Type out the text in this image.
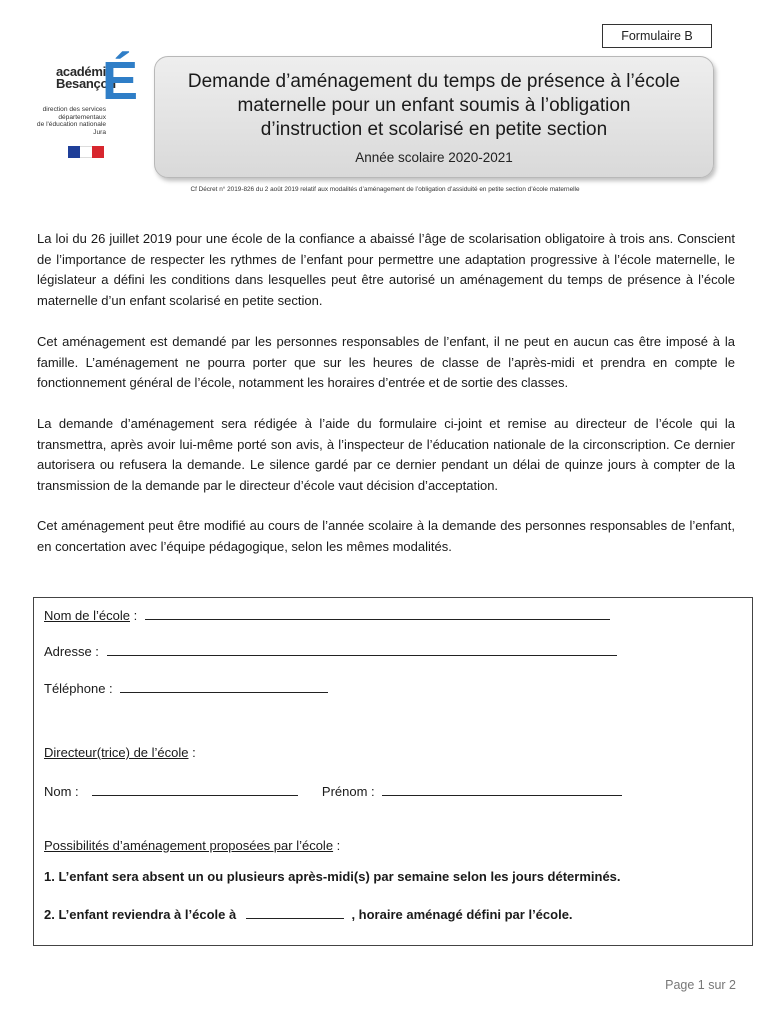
Formulaire B
académie
Besançon
É
direction des services
départementaux
de l'éducation nationale
Jura
Demande d’aménagement du temps de présence à l’école
maternelle pour un enfant soumis à l’obligation
d’instruction et scolarisé en petite section
Année scolaire 2020-2021
Cf Décret n° 2019-826 du 2 août 2019 relatif aux modalités d’aménagement de l’obligation d’assiduité en petite section d’école maternelle

La loi du 26 juillet 2019 pour une école de la confiance a abaissé l’âge de scolarisation obligatoire à trois ans. Conscient de l’importance de respecter les rythmes de l’enfant pour permettre une adaptation progressive à l’école maternelle, le législateur a défini les conditions dans lesquelles peut être autorisé un aménagement du temps de présence à l’école maternelle d’un enfant scolarisé en petite section.

Cet aménagement est demandé par les personnes responsables de l’enfant, il ne peut en aucun cas être imposé à la famille. L’aménagement ne pourra porter que sur les heures de classe de l’après-midi et prendra en compte le fonctionnement général de l’école, notamment les horaires d’entrée et de sortie des classes.

La demande d’aménagement sera rédigée à l’aide du formulaire ci-joint et remise au directeur de l’école qui la transmettra, après avoir lui-même porté son avis, à l’inspecteur de l’éducation nationale de la circonscription. Ce dernier autorisera ou refusera la demande. Le silence gardé par ce dernier pendant un délai de quinze jours à compter de la transmission de la demande par le directeur d’école vaut décision d’acceptation.

Cet aménagement peut être modifié au cours de l’année scolaire à la demande des personnes responsables de l’enfant, en concertation avec l’équipe pédagogique, selon les mêmes modalités.

Nom de l’école :
Adresse :
Téléphone :
Directeur(trice) de l’école :
Nom :	Prénom :
Possibilités d’aménagement proposées par l’école :
1. L’enfant sera absent un ou plusieurs après-midi(s) par semaine selon les jours déterminés.
2. L’enfant reviendra à l’école à	, horaire aménagé défini par l’école.
Page 1 sur 2
